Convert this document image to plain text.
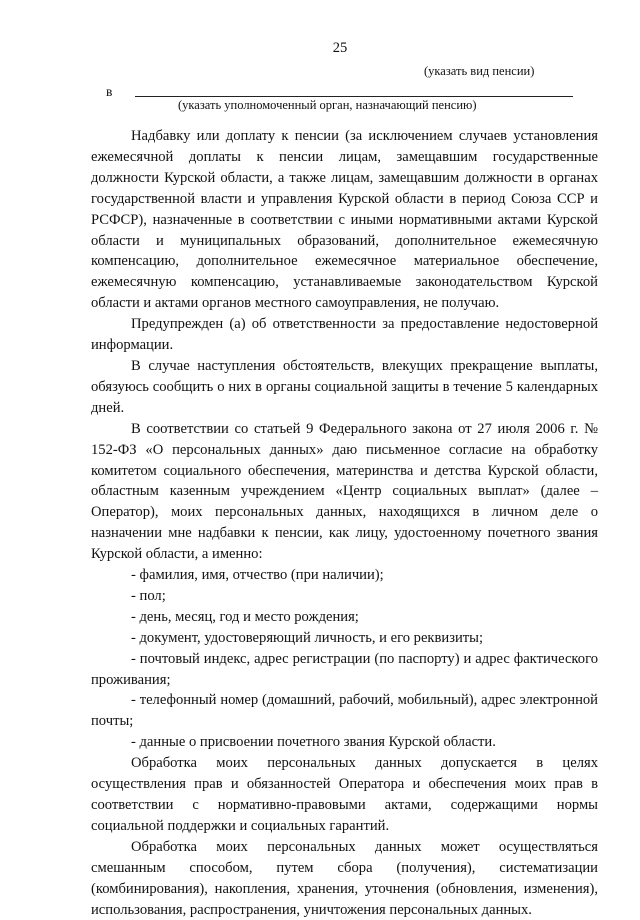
25
(указать вид пенсии)
в
(указать уполномоченный орган, назначающий пенсию)

Надбавку или доплату к пенсии (за исключением случаев установления ежемесячной доплаты к пенсии лицам, замещавшим государственные должности Курской области, а также лицам, замещавшим должности в органах государственной власти и управления Курской области в период Союза ССР и РСФСР), назначенные в соответствии с иными нормативными актами Курской области и муниципальных образований, дополнительное ежемесячную компенсацию, дополнительное ежемесячное материальное обеспечение, ежемесячную компенсацию, устанавливаемые законодательством Курской области и актами органов местного самоуправления, не получаю.

Предупрежден (а) об ответственности за предоставление недостоверной информации.

В случае наступления обстоятельств, влекущих прекращение выплаты, обязуюсь сообщить о них в органы социальной защиты в течение 5 календарных дней.

В соответствии со статьей 9 Федерального закона от 27 июля 2006 г. № 152-ФЗ «О персональных данных» даю письменное согласие на обработку комитетом социального обеспечения, материнства и детства Курской области, областным казенным учреждением «Центр социальных выплат» (далее – Оператор), моих персональных данных, находящихся в личном деле о назначении мне надбавки к пенсии, как лицу, удостоенному почетного звания Курской области, а именно:

- фамилия, имя, отчество (при наличии);

- пол;

- день, месяц, год и место рождения;

- документ, удостоверяющий личность, и его реквизиты;

- почтовый индекс, адрес регистрации (по паспорту) и адрес фактического проживания;

- телефонный номер (домашний, рабочий, мобильный), адрес электронной почты;

- данные о присвоении почетного звания Курской области.

Обработка моих персональных данных допускается в целях осуществления прав и обязанностей Оператора и обеспечения моих прав в соответствии с нормативно-правовыми актами, содержащими нормы социальной поддержки и социальных гарантий.

Обработка моих персональных данных может осуществляться смешанным способом, путем сбора (получения), систематизации (комбинирования), накопления, хранения, уточнения (обновления, изменения), использования, распространения, уничтожения персональных данных.
